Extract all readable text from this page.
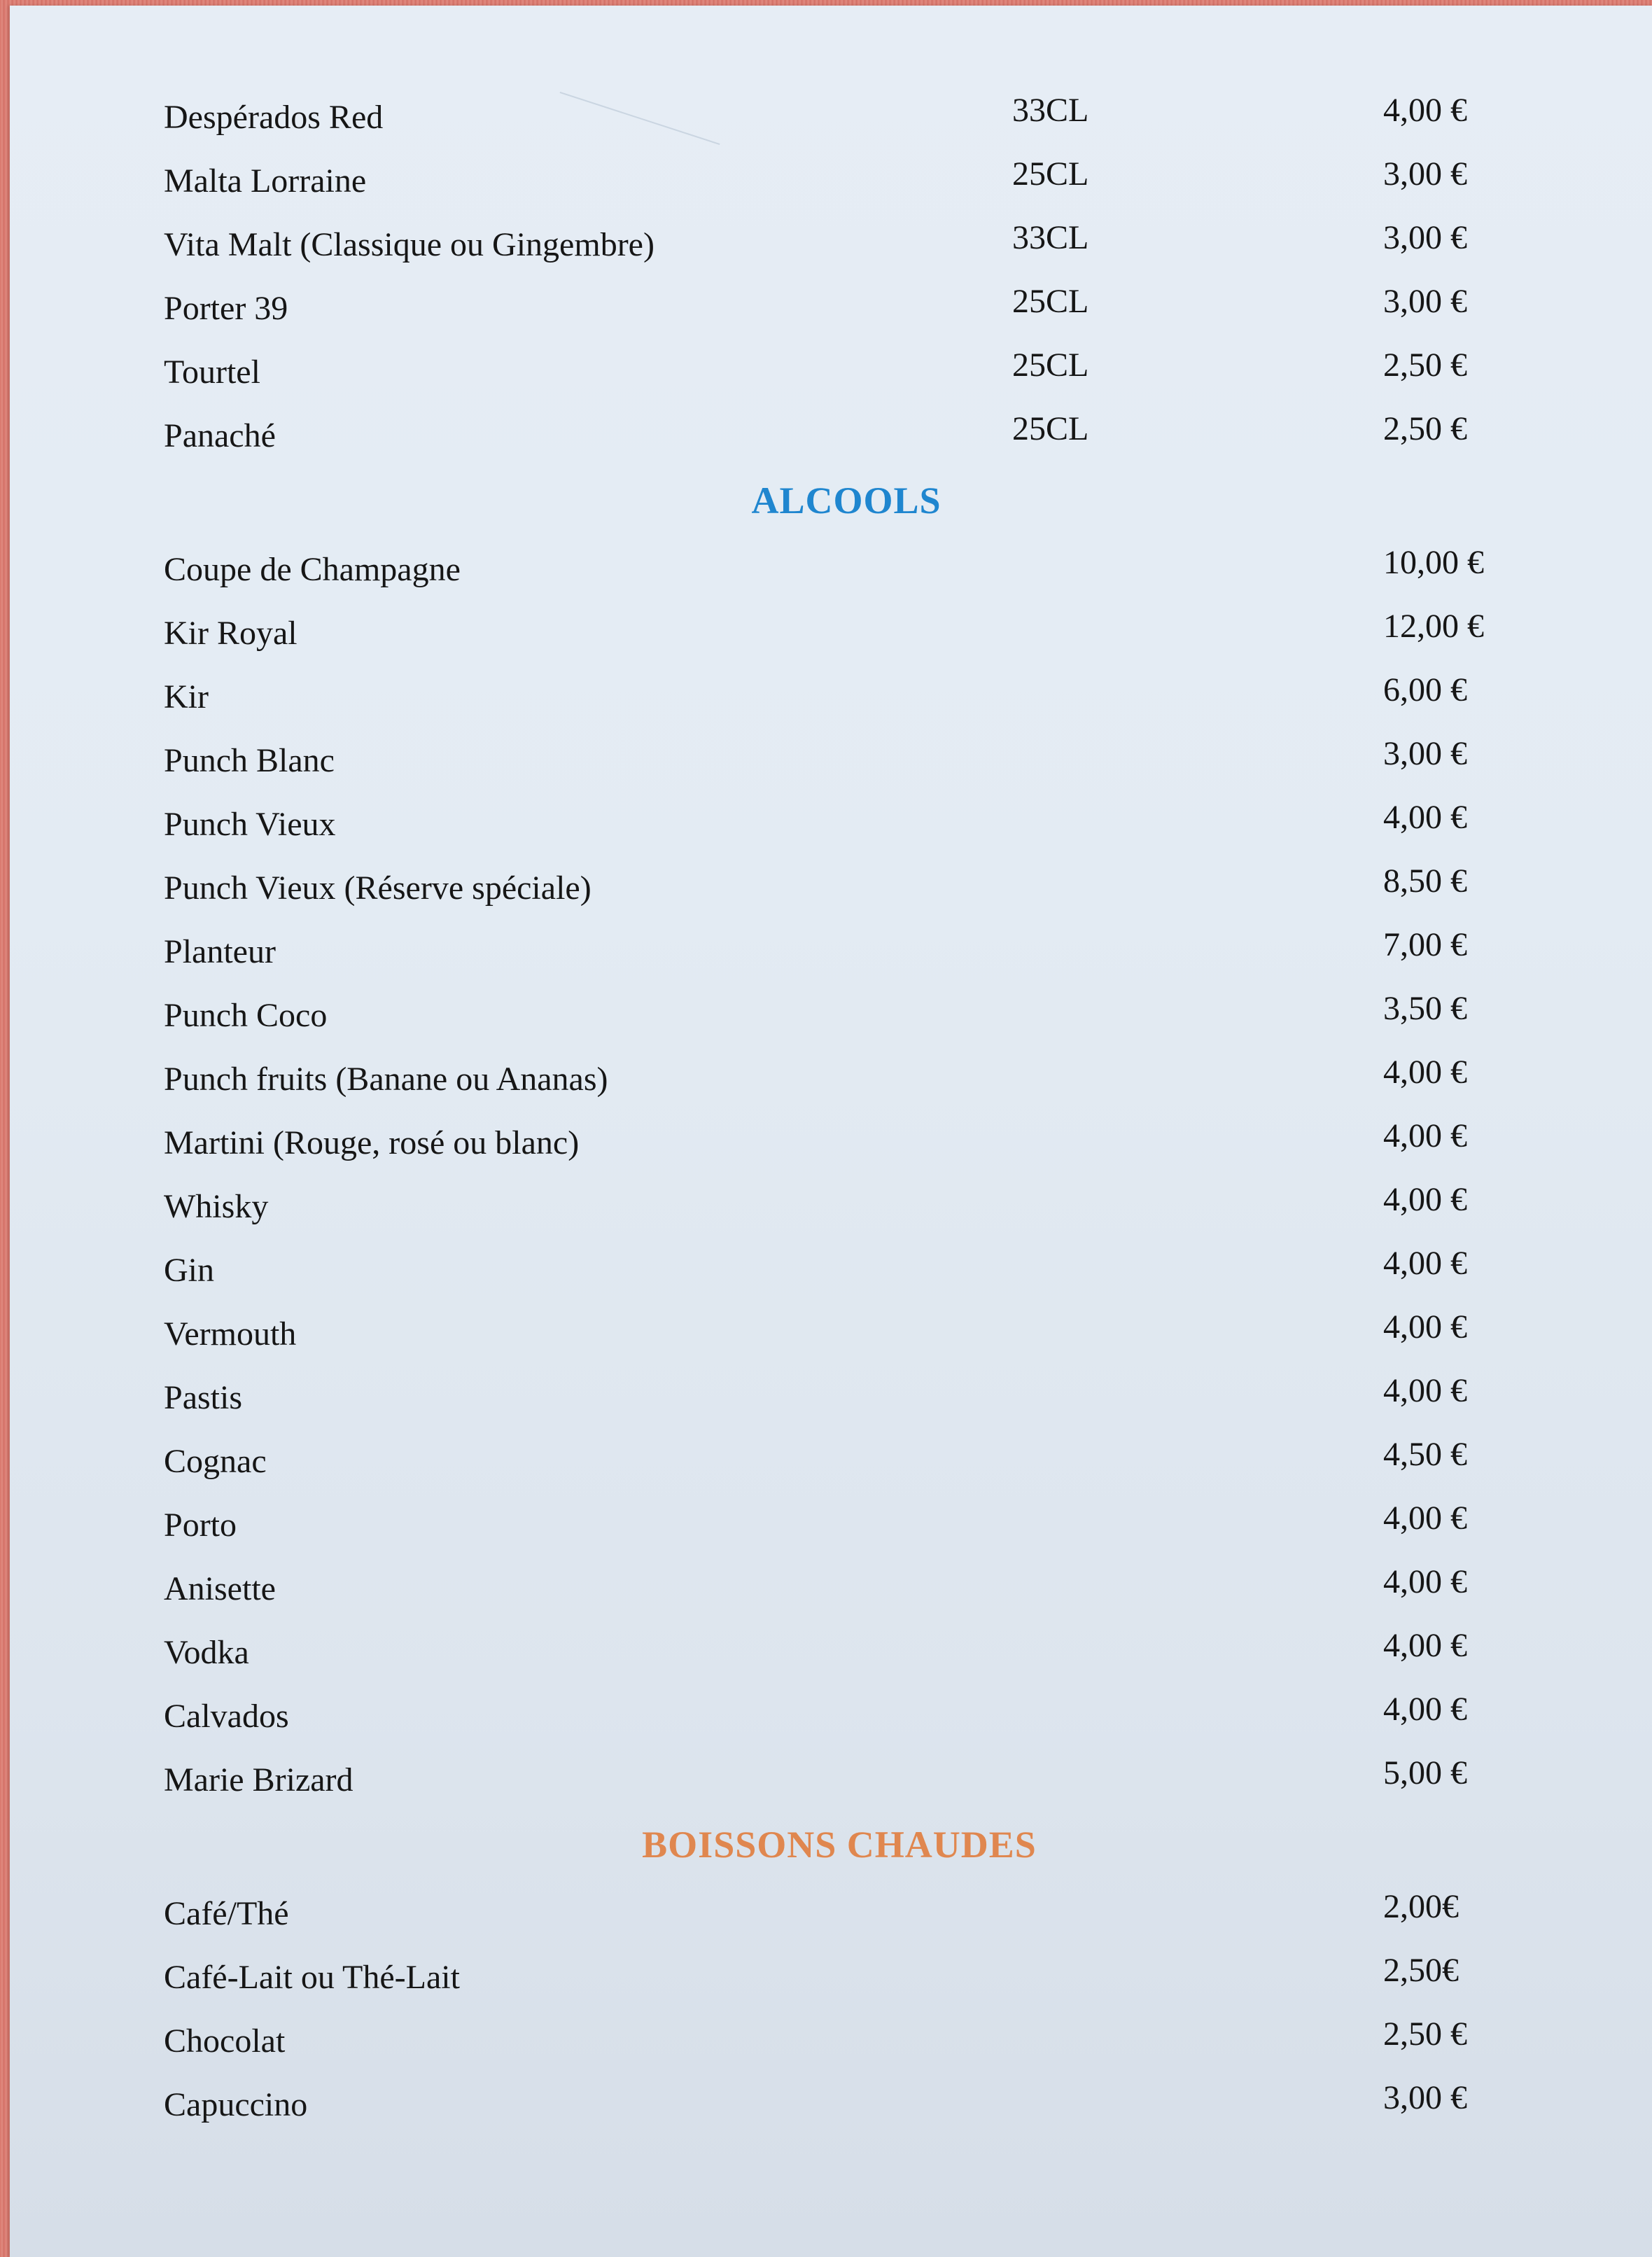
Despérados Red	33CL	4,00 €
Malta Lorraine	25CL	3,00 €
Vita Malt (Classique ou Gingembre)	33CL	3,00 €
Porter 39	25CL	3,00 €
Tourtel	25CL	2,50 €
Panaché	25CL	2,50 €
ALCOOLS
Coupe de Champagne	10,00 €
Kir Royal	12,00 €
Kir	6,00 €
Punch Blanc	3,00 €
Punch Vieux	4,00 €
Punch Vieux (Réserve spéciale)	8,50 €
Planteur	7,00 €
Punch Coco	3,50 €
Punch fruits (Banane ou Ananas)	4,00 €
Martini (Rouge, rosé ou blanc)	4,00 €
Whisky	4,00 €
Gin	4,00 €
Vermouth	4,00 €
Pastis	4,00 €
Cognac	4,50 €
Porto	4,00 €
Anisette	4,00 €
Vodka	4,00 €
Calvados	4,00 €
Marie Brizard	5,00 €
BOISSONS CHAUDES
Café/Thé	2,00€
Café-Lait ou Thé-Lait	2,50€
Chocolat	2,50 €
Capuccino	3,00 €
